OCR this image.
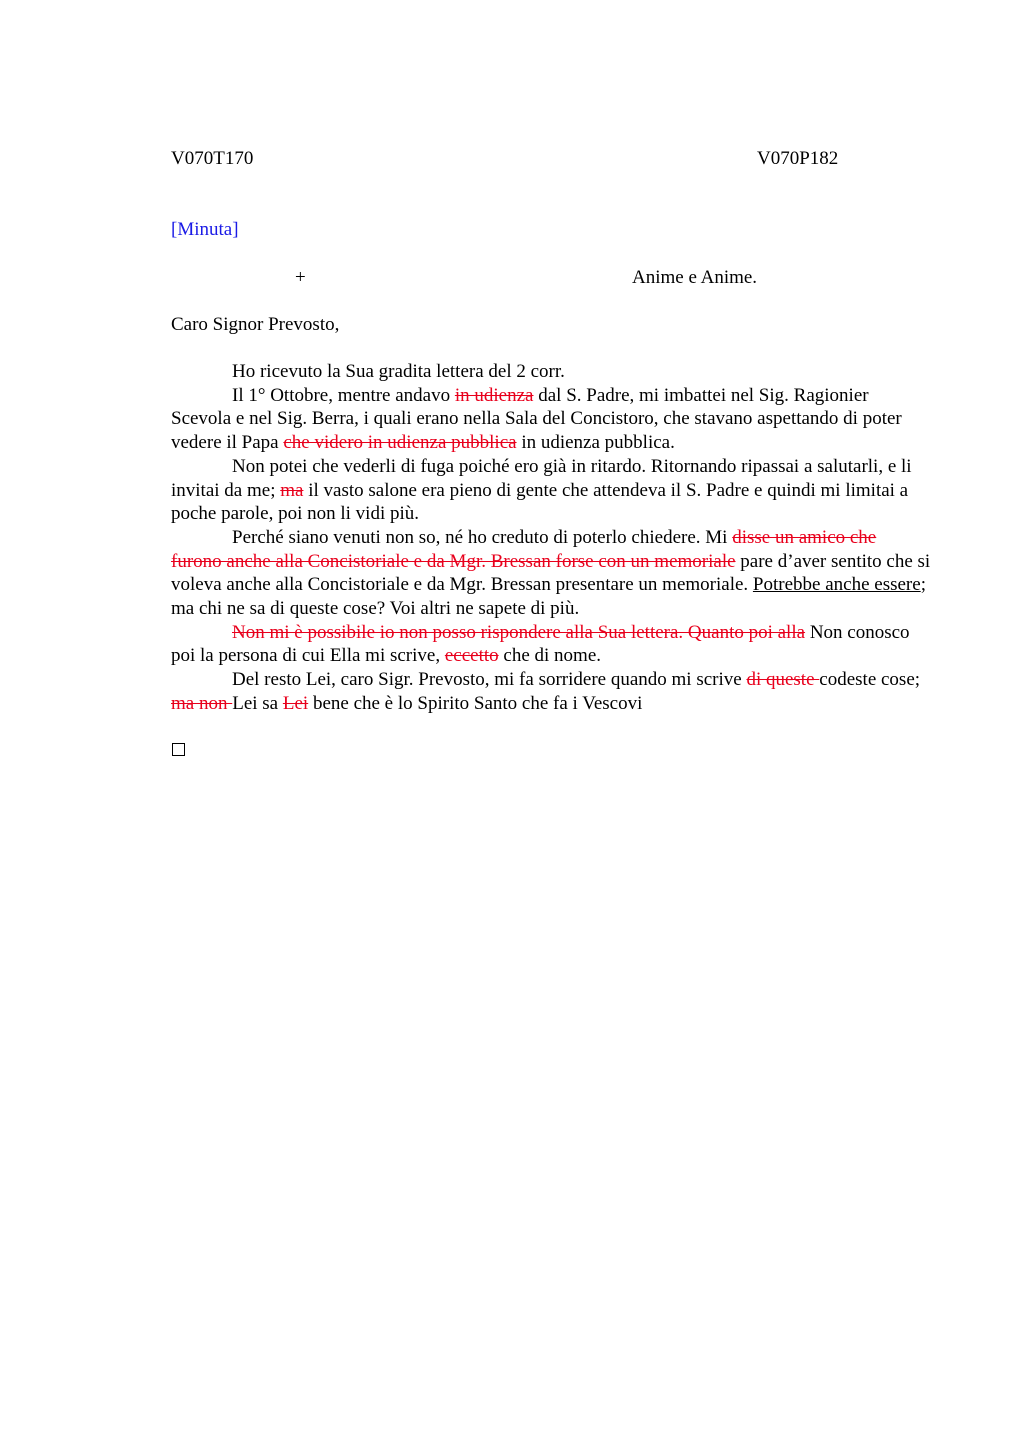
V070T170	V070P182
[Minuta]
+	Anime e Anime.
Caro Signor Prevosto,

Ho ricevuto la Sua gradita lettera del 2 corr.

Il 1° Ottobre, mentre andavo in udienza dal S. Padre, mi imbattei nel Sig. Ragionier Scevola e nel Sig. Berra, i quali erano nella Sala del Concistoro, che stavano aspettando di poter vedere il Papa che videro in udienza pubblica in udienza pubblica.

Non potei che vederli di fuga poiché ero già in ritardo. Ritornando ripassai a salutarli, e li invitai da me; ma il vasto salone era pieno di gente che attendeva il S. Padre e quindi mi limitai a poche parole, poi non li vidi più.

Perché siano venuti non so, né ho creduto di poterlo chiedere. Mi disse un amico che furono anche alla Concistoriale e da Mgr. Bressan forse con un memoriale pare d’aver sentito che si voleva anche alla Concistoriale e da Mgr. Bressan presentare un memoriale. Potrebbe anche essere; ma chi ne sa di queste cose? Voi altri ne sapete di più.

Non mi è possibile io non posso rispondere alla Sua lettera. Quanto poi alla Non conosco poi la persona di cui Ella mi scrive, eccetto che di nome.

Del resto Lei, caro Sigr. Prevosto, mi fa sorridere quando mi scrive di queste codeste cose; ma non Lei sa Lei bene che è lo Spirito Santo che fa i Vescovi
